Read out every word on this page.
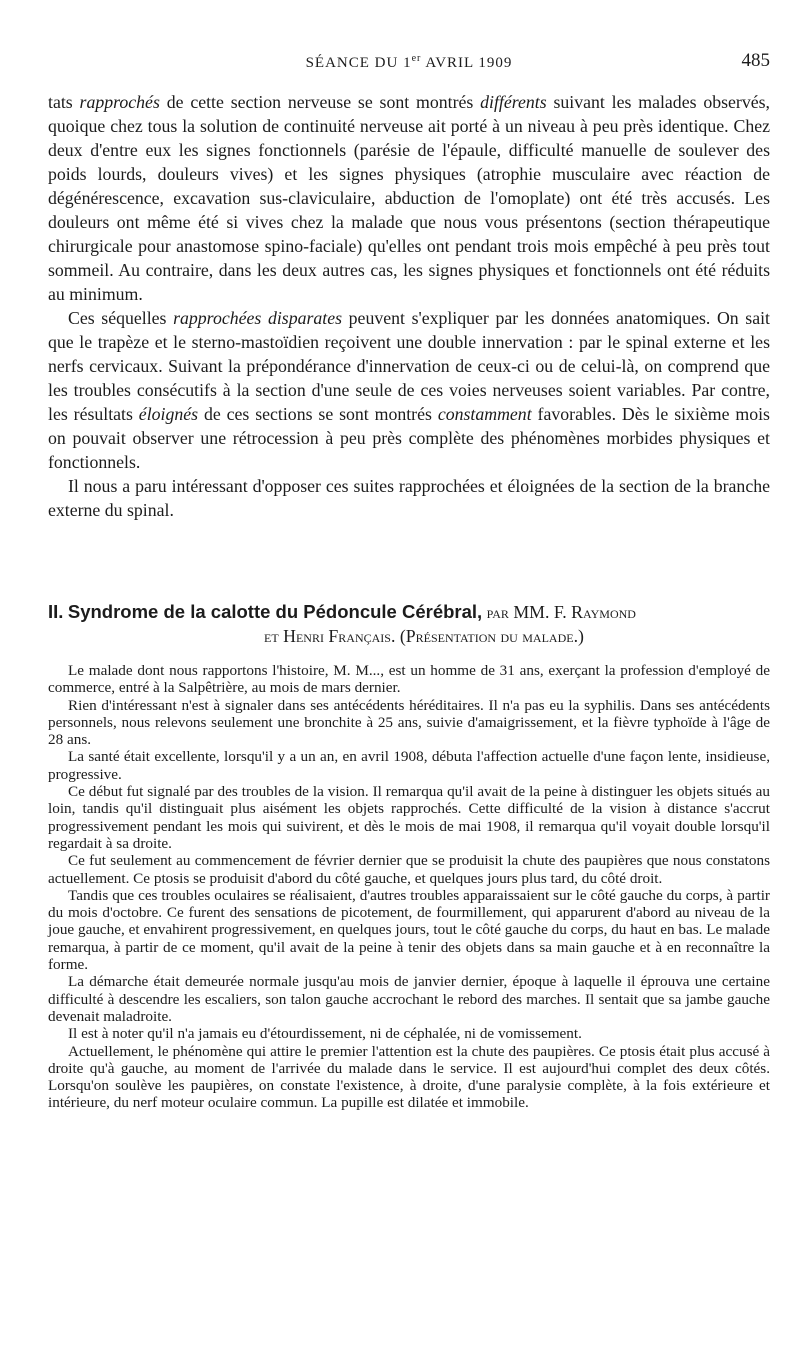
SÉANCE DU 1er AVRIL 1909	485

tats rapprochés de cette section nerveuse se sont montrés différents suivant les malades observés, quoique chez tous la solution de continuité nerveuse ait porté à un niveau à peu près identique. Chez deux d'entre eux les signes fonctionnels (parésie de l'épaule, difficulté manuelle de soulever des poids lourds, douleurs vives) et les signes physiques (atrophie musculaire avec réaction de dégénérescence, excavation sus-claviculaire, abduction de l'omoplate) ont été très accusés. Les douleurs ont même été si vives chez la malade que nous vous présentons (section thérapeutique chirurgicale pour anastomose spino-faciale) qu'elles ont pendant trois mois empêché à peu près tout sommeil. Au contraire, dans les deux autres cas, les signes physiques et fonctionnels ont été réduits au minimum.

Ces séquelles rapprochées disparates peuvent s'expliquer par les données anatomiques. On sait que le trapèze et le sterno-mastoïdien reçoivent une double innervation : par le spinal externe et les nerfs cervicaux. Suivant la prépondérance d'innervation de ceux-ci ou de celui-là, on comprend que les troubles consécutifs à la section d'une seule de ces voies nerveuses soient variables. Par contre, les résultats éloignés de ces sections se sont montrés constamment favorables. Dès le sixième mois on pouvait observer une rétrocession à peu près complète des phénomènes morbides physiques et fonctionnels.

Il nous a paru intéressant d'opposer ces suites rapprochées et éloignées de la section de la branche externe du spinal.

II. Syndrome de la calotte du Pédoncule Cérébral, par MM. F. Raymond
et Henri Français. (Présentation du malade.)

Le malade dont nous rapportons l'histoire, M. M..., est un homme de 31 ans, exerçant la profession d'employé de commerce, entré à la Salpêtrière, au mois de mars dernier.

Rien d'intéressant n'est à signaler dans ses antécédents héréditaires. Il n'a pas eu la syphilis. Dans ses antécédents personnels, nous relevons seulement une bronchite à 25 ans, suivie d'amaigrissement, et la fièvre typhoïde à l'âge de 28 ans.

La santé était excellente, lorsqu'il y a un an, en avril 1908, débuta l'affection actuelle d'une façon lente, insidieuse, progressive.

Ce début fut signalé par des troubles de la vision. Il remarqua qu'il avait de la peine à distinguer les objets situés au loin, tandis qu'il distinguait plus aisément les objets rapprochés. Cette difficulté de la vision à distance s'accrut progressivement pendant les mois qui suivirent, et dès le mois de mai 1908, il remarqua qu'il voyait double lorsqu'il regardait à sa droite.

Ce fut seulement au commencement de février dernier que se produisit la chute des paupières que nous constatons actuellement. Ce ptosis se produisit d'abord du côté gauche, et quelques jours plus tard, du côté droit.

Tandis que ces troubles oculaires se réalisaient, d'autres troubles apparaissaient sur le côté gauche du corps, à partir du mois d'octobre. Ce furent des sensations de picotement, de fourmillement, qui apparurent d'abord au niveau de la joue gauche, et envahirent progressivement, en quelques jours, tout le côté gauche du corps, du haut en bas. Le malade remarqua, à partir de ce moment, qu'il avait de la peine à tenir des objets dans sa main gauche et à en reconnaître la forme.

La démarche était demeurée normale jusqu'au mois de janvier dernier, époque à laquelle il éprouva une certaine difficulté à descendre les escaliers, son talon gauche accrochant le rebord des marches. Il sentait que sa jambe gauche devenait maladroite.

Il est à noter qu'il n'a jamais eu d'étourdissement, ni de céphalée, ni de vomissement.

Actuellement, le phénomène qui attire le premier l'attention est la chute des paupières. Ce ptosis était plus accusé à droite qu'à gauche, au moment de l'arrivée du malade dans le service. Il est aujourd'hui complet des deux côtés. Lorsqu'on soulève les paupières, on constate l'existence, à droite, d'une paralysie complète, à la fois extérieure et intérieure, du nerf moteur oculaire commun. La pupille est dilatée et immobile.
